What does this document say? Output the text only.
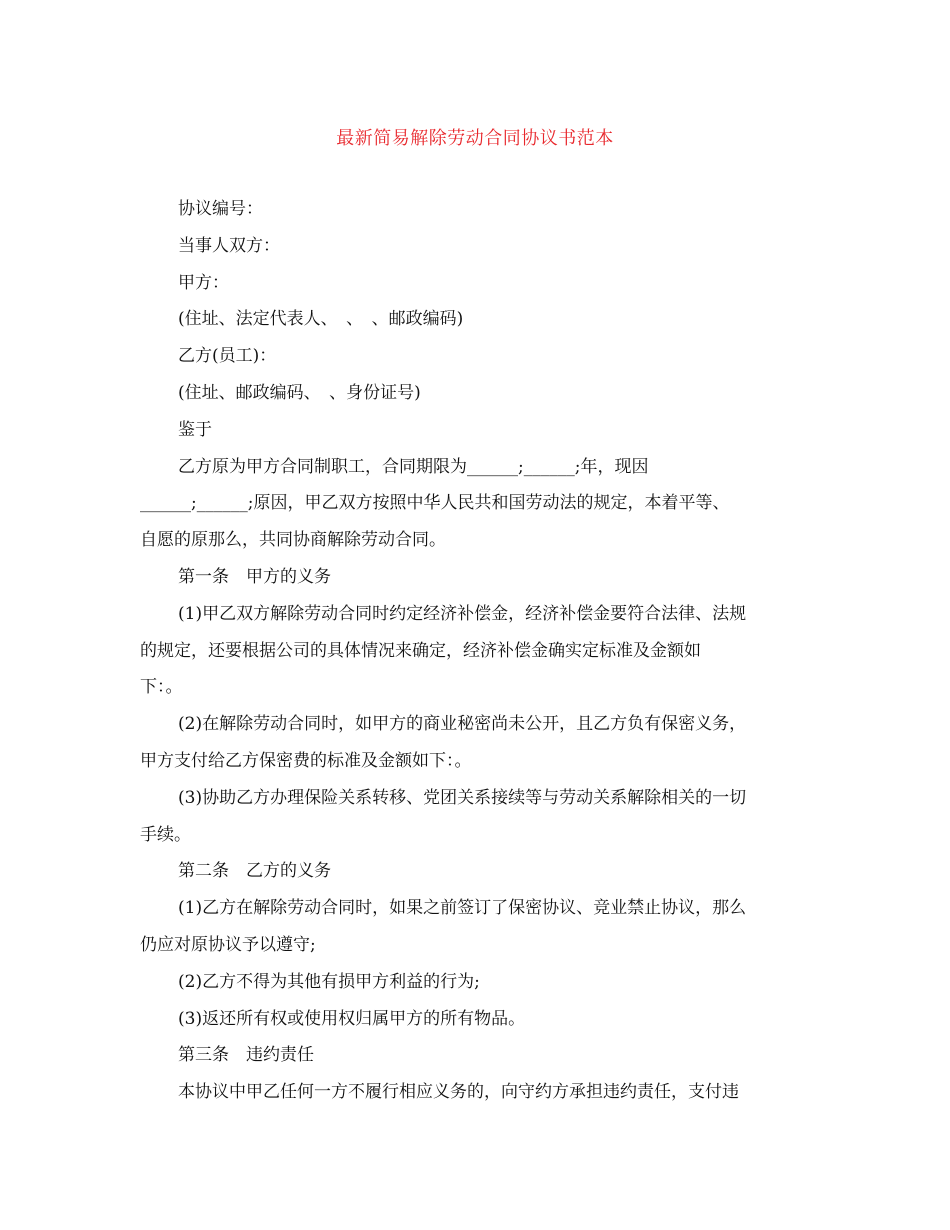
最新简易解除劳动合同协议书范本
协议编号：
当事人双方：
甲方：
(住址、法定代表人、　、　、邮政编码)
乙方(员工)：
(住址、邮政编码、　、身份证号)
鉴于
乙方原为甲方合同制职工，合同期限为______;______;年，现因
______;______;原因，甲乙双方按照中华人民共和国劳动法的规定，本着平等、
自愿的原那么，共同协商解除劳动合同。
第一条　甲方的义务
(1)甲乙双方解除劳动合同时约定经济补偿金，经济补偿金要符合法律、法规
的规定，还要根据公司的具体情况来确定，经济补偿金确实定标准及金额如
下：。
(2)在解除劳动合同时，如甲方的商业秘密尚未公开，且乙方负有保密义务，
甲方支付给乙方保密费的标准及金额如下：。
(3)协助乙方办理保险关系转移、党团关系接续等与劳动关系解除相关的一切
手续。
第二条　乙方的义务
(1)乙方在解除劳动合同时，如果之前签订了保密协议、竞业禁止协议，那么
仍应对原协议予以遵守;
(2)乙方不得为其他有损甲方利益的行为;
(3)返还所有权或使用权归属甲方的所有物品。
第三条　违约责任
本协议中甲乙任何一方不履行相应义务的，向守约方承担违约责任，支付违
